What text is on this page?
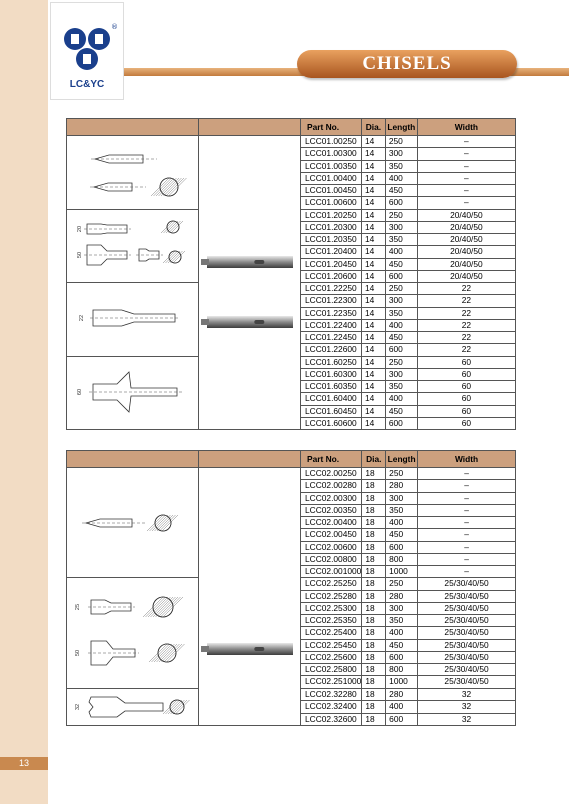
13
®
LC&YC
CHISELS
		Part No.	Dia.	Length	Width
		LCC01.00250	14	250	–
		LCC01.00300	14	300	–
		LCC01.00350	14	350	–
		LCC01.00400	14	400	–
		LCC01.00450	14	450	–
		LCC01.00600	14	600	–

20
50		LCC01.20250	14	250	20/40/50
		LCC01.20300	14	300	20/40/50
		LCC01.20350	14	350	20/40/50
		LCC01.20400	14	400	20/40/50
		LCC01.20450	14	450	20/40/50
		LCC01.20600	14	600	20/40/50

22		LCC01.22250	14	250	22
		LCC01.22300	14	300	22
		LCC01.22350	14	350	22
		LCC01.22400	14	400	22
		LCC01.22450	14	450	22
		LCC01.22600	14	600	22

60		LCC01.60250	14	250	60
		LCC01.60300	14	300	60
		LCC01.60350	14	350	60
		LCC01.60400	14	400	60
		LCC01.60450	14	450	60
		LCC01.60600	14	600	60
		Part No.	Dia.	Length	Width
		LCC02.00250	18	250	–
		LCC02.00280	18	280	–
		LCC02.00300	18	300	–
		LCC02.00350	18	350	–
		LCC02.00400	18	400	–
		LCC02.00450	18	450	–
		LCC02.00600	18	600	–
		LCC02.00800	18	800	–
		LCC02.001000	18	1000	–

25
50		LCC02.25250	18	250	25/30/40/50
		LCC02.25280	18	280	25/30/40/50
		LCC02.25300	18	300	25/30/40/50
		LCC02.25350	18	350	25/30/40/50
		LCC02.25400	18	400	25/30/40/50
		LCC02.25450	18	450	25/30/40/50
		LCC02.25600	18	600	25/30/40/50
		LCC02.25800	18	800	25/30/40/50
		LCC02.251000	18	1000	25/30/40/50

32		LCC02.32280	18	280	32
		LCC02.32400	18	400	32
		LCC02.32600	18	600	32
